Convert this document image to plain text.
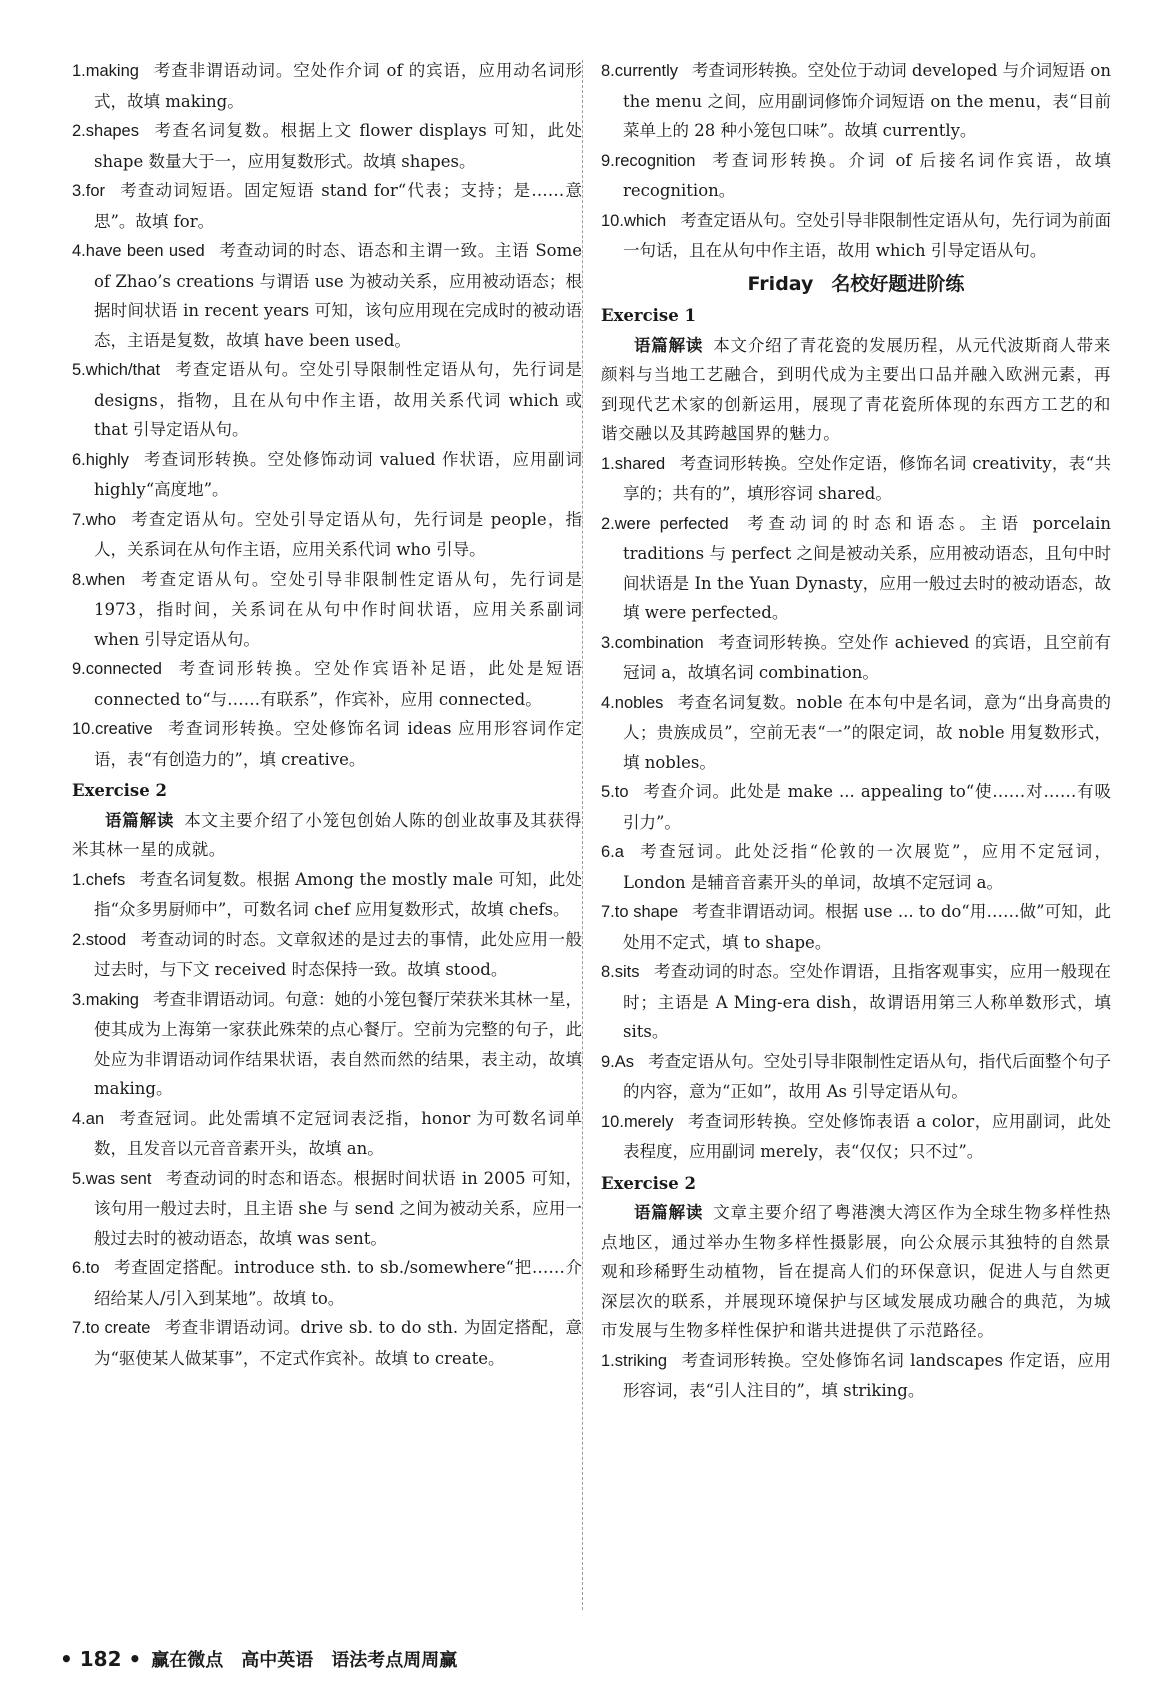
1.making 考查非谓语动词。空处作介词 of 的宾语，应用动名词形式，故填 making。
2.shapes 考查名词复数。根据上文 flower displays 可知，此处 shape 数量大于一，应用复数形式。故填 shapes。
3.for 考查动词短语。固定短语 stand for“代表；支持；是……意思”。故填 for。
4.have been used 考查动词的时态、语态和主谓一致。主语 Some of Zhao’s creations 与谓语 use 为被动关系，应用被动语态；根据时间状语 in recent years 可知，该句应用现在完成时的被动语态，主语是复数，故填 have been used。
5.which/that 考查定语从句。空处引导限制性定语从句，先行词是 designs，指物，且在从句中作主语，故用关系代词 which 或 that 引导定语从句。
6.highly 考查词形转换。空处修饰动词 valued 作状语，应用副词 highly“高度地”。
7.who 考查定语从句。空处引导定语从句，先行词是 people，指人，关系词在从句作主语，应用关系代词 who 引导。
8.when 考查定语从句。空处引导非限制性定语从句，先行词是 1973，指时间，关系词在从句中作时间状语，应用关系副词 when 引导定语从句。
9.connected 考查词形转换。空处作宾语补足语，此处是短语 connected to“与……有联系”，作宾补，应用 connected。
10.creative 考查词形转换。空处修饰名词 ideas 应用形容词作定语，表“有创造力的”，填 creative。
Exercise 2
语篇解读 本文主要介绍了小笼包创始人陈的创业故事及其获得米其林一星的成就。
1.chefs 考查名词复数。根据 Among the mostly male 可知，此处指“众多男厨师中”，可数名词 chef 应用复数形式，故填 chefs。
2.stood 考查动词的时态。文章叙述的是过去的事情，此处应用一般过去时，与下文 received 时态保持一致。故填 stood。
3.making 考查非谓语动词。句意：她的小笼包餐厅荣获米其林一星，使其成为上海第一家获此殊荣的点心餐厅。空前为完整的句子，此处应为非谓语动词作结果状语，表自然而然的结果，表主动，故填 making。
4.an 考查冠词。此处需填不定冠词表泛指，honor 为可数名词单数，且发音以元音音素开头，故填 an。
5.was sent 考查动词的时态和语态。根据时间状语 in 2005 可知，该句用一般过去时，且主语 she 与 send 之间为被动关系，应用一般过去时的被动语态，故填 was sent。
6.to 考查固定搭配。introduce sth. to sb./somewhere“把……介绍给某人/引入到某地”。故填 to。
7.to create 考查非谓语动词。drive sb. to do sth. 为固定搭配，意为“驱使某人做某事”，不定式作宾补。故填 to create。
8.currently 考查词形转换。空处位于动词 developed 与介词短语 on the menu 之间，应用副词修饰介词短语 on the menu，表“目前菜单上的 28 种小笼包口味”。故填 currently。
9.recognition 考查词形转换。介词 of 后接名词作宾语，故填 recognition。
10.which 考查定语从句。空处引导非限制性定语从句，先行词为前面一句话，且在从句中作主语，故用 which 引导定语从句。
Friday 名校好题进阶练
Exercise 1
语篇解读 本文介绍了青花瓷的发展历程，从元代波斯商人带来颜料与当地工艺融合，到明代成为主要出口品并融入欧洲元素，再到现代艺术家的创新运用，展现了青花瓷所体现的东西方工艺的和谐交融以及其跨越国界的魅力。
1.shared 考查词形转换。空处作定语，修饰名词 creativity，表“共享的；共有的”，填形容词 shared。
2.were perfected 考查动词的时态和语态。主语 porcelain traditions 与 perfect 之间是被动关系，应用被动语态，且句中时间状语是 In the Yuan Dynasty，应用一般过去时的被动语态，故填 were perfected。
3.combination 考查词形转换。空处作 achieved 的宾语，且空前有冠词 a，故填名词 combination。
4.nobles 考查名词复数。noble 在本句中是名词，意为“出身高贵的人；贵族成员”，空前无表“一”的限定词，故 noble 用复数形式，填 nobles。
5.to 考查介词。此处是 make ... appealing to“使……对……有吸引力”。
6.a 考查冠词。此处泛指“伦敦的一次展览”，应用不定冠词，London 是辅音音素开头的单词，故填不定冠词 a。
7.to shape 考查非谓语动词。根据 use ... to do“用……做”可知，此处用不定式，填 to shape。
8.sits 考查动词的时态。空处作谓语，且指客观事实，应用一般现在时；主语是 A Ming-era dish，故谓语用第三人称单数形式，填 sits。
9.As 考查定语从句。空处引导非限制性定语从句，指代后面整个句子的内容，意为“正如”，故用 As 引导定语从句。
10.merely 考查词形转换。空处修饰表语 a color，应用副词，此处表程度，应用副词 merely，表“仅仅；只不过”。
Exercise 2
语篇解读 文章主要介绍了粤港澳大湾区作为全球生物多样性热点地区，通过举办生物多样性摄影展，向公众展示其独特的自然景观和珍稀野生动植物，旨在提高人们的环保意识，促进人与自然更深层次的联系，并展现环境保护与区域发展成功融合的典范，为城市发展与生物多样性保护和谐共进提供了示范路径。
1.striking 考查词形转换。空处修饰名词 landscapes 作定语，应用形容词，表“引人注目的”，填 striking。
• 182 • 赢在微点 高中英语 语法考点周周赢
